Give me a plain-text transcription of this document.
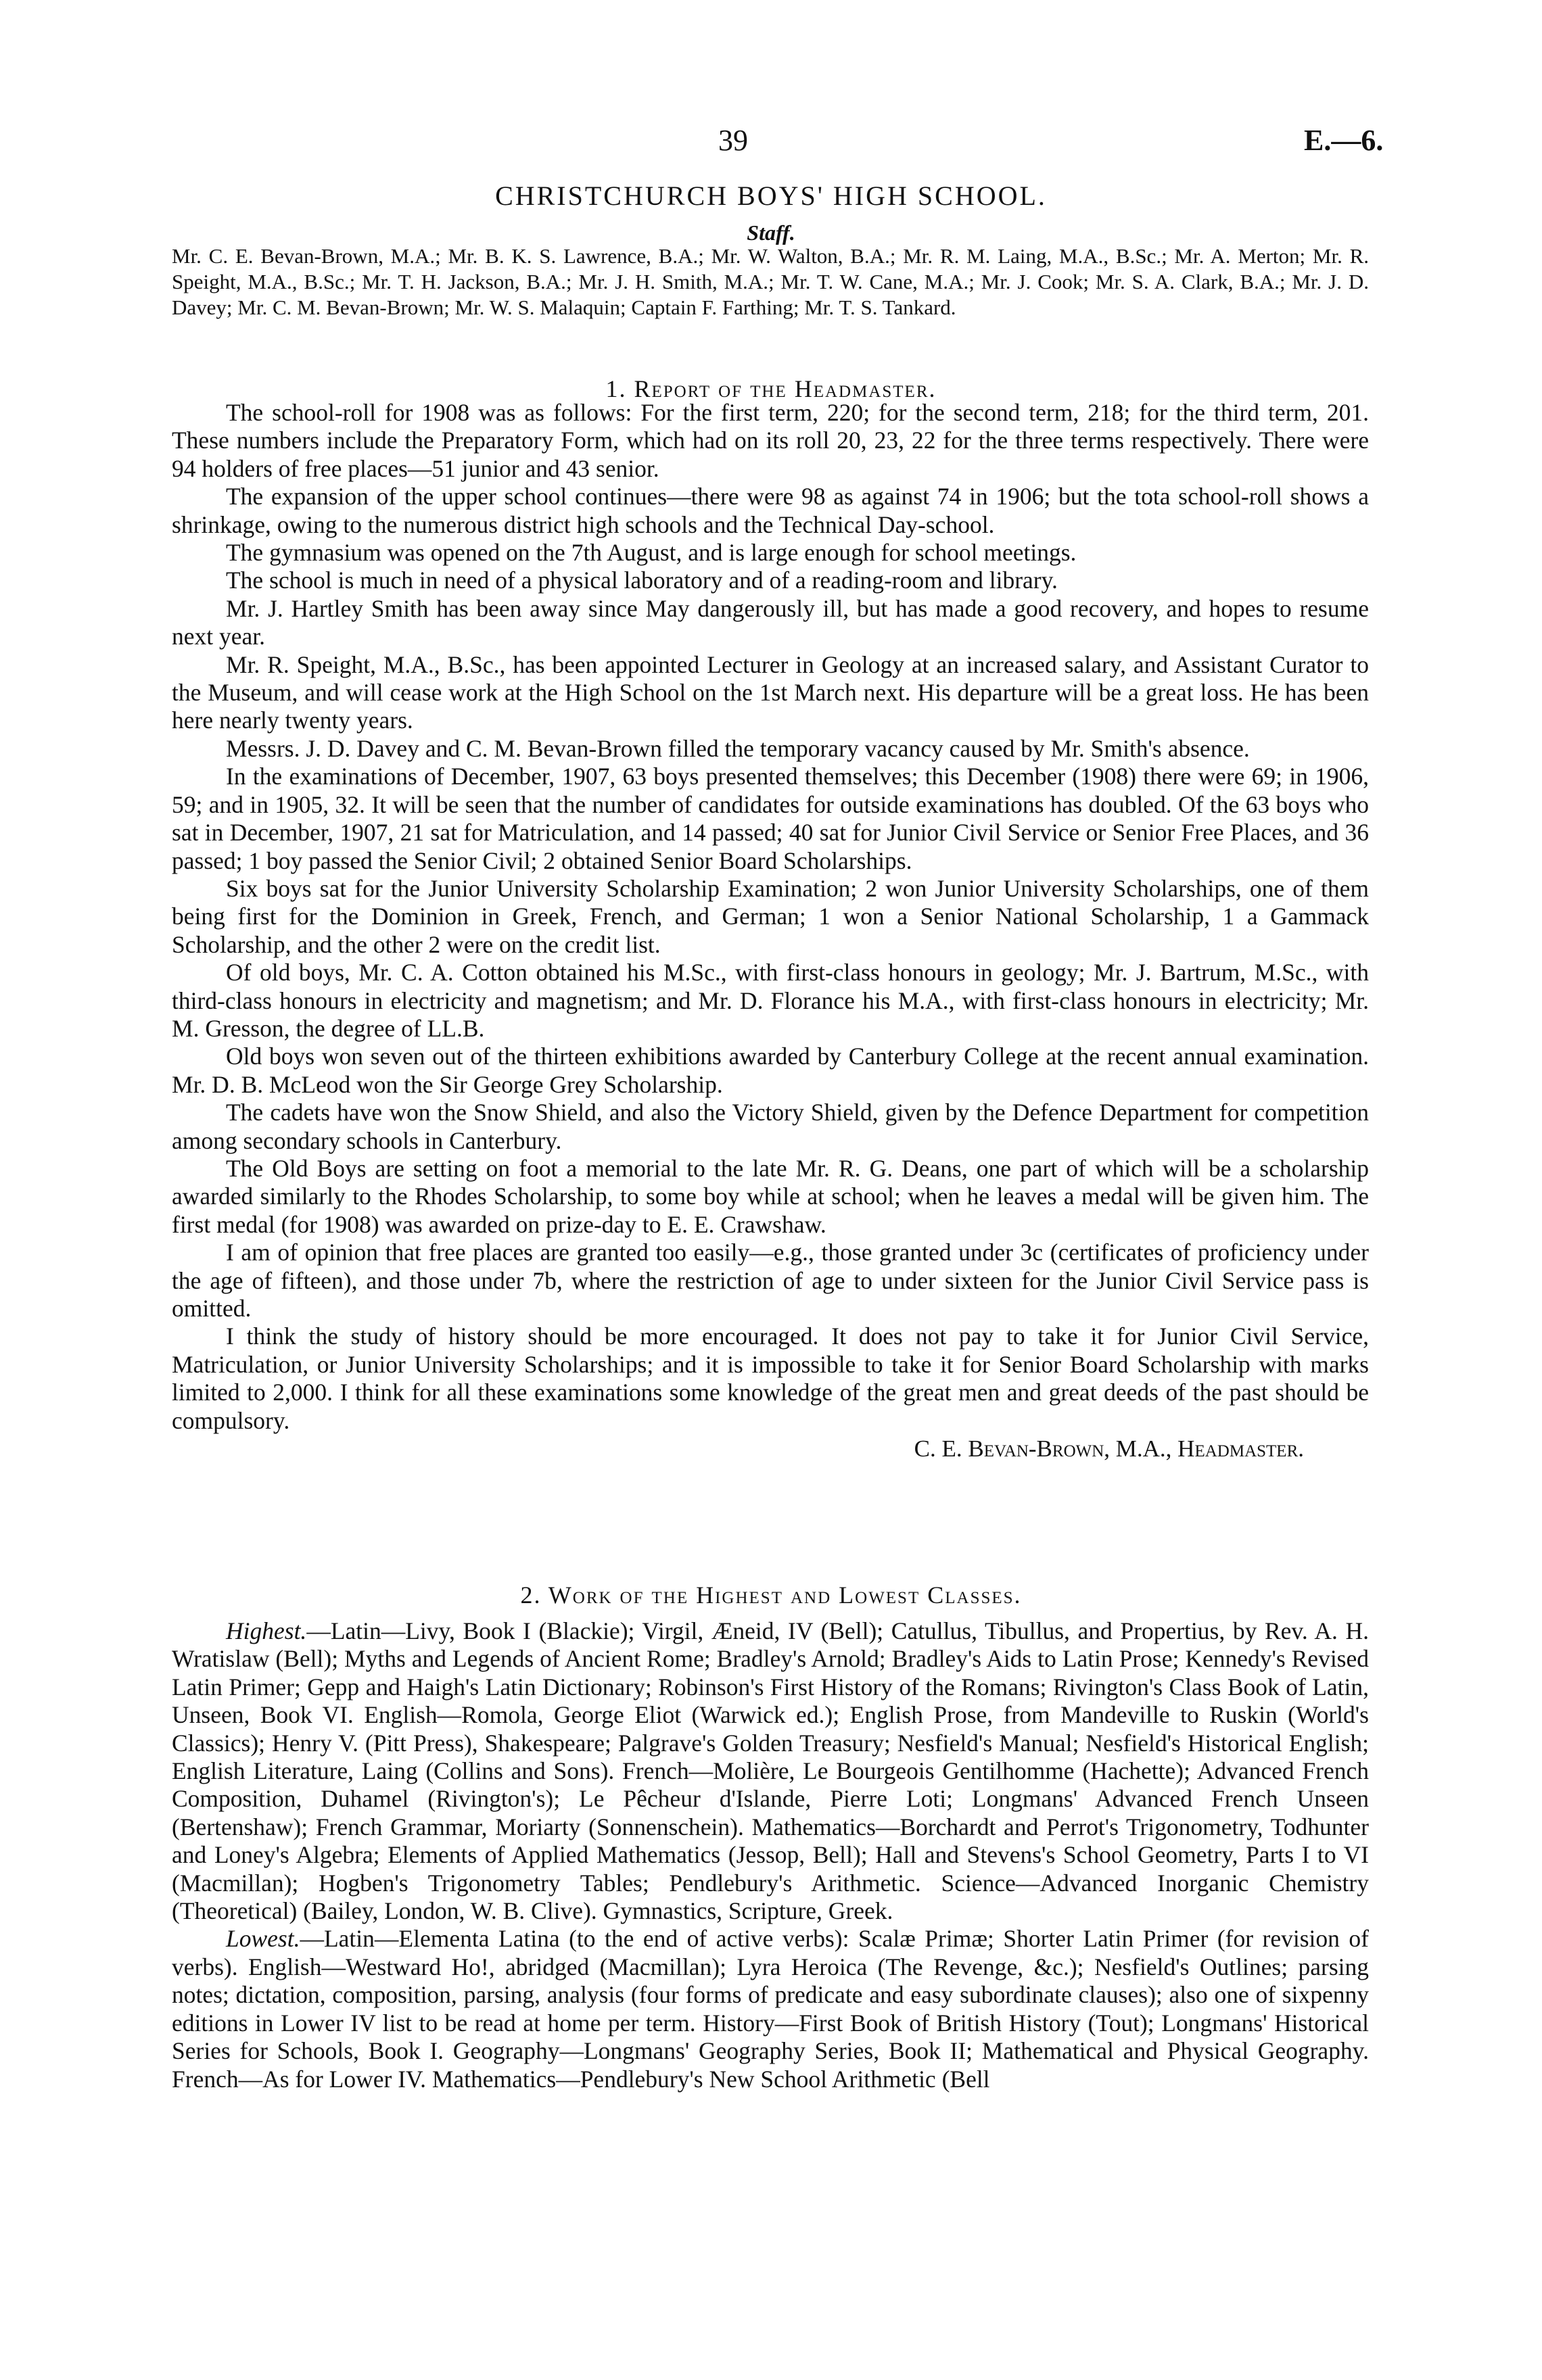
39	E.—6.
CHRISTCHURCH BOYS' HIGH SCHOOL.
Staff.
Mr. C. E. Bevan-Brown, M.A.; Mr. B. K. S. Lawrence, B.A.; Mr. W. Walton, B.A.; Mr. R. M. Laing, M.A., B.Sc.; Mr. A. Merton; Mr. R. Speight, M.A., B.Sc.; Mr. T. H. Jackson, B.A.; Mr. J. H. Smith, M.A.; Mr. T. W. Cane, M.A.; Mr. J. Cook; Mr. S. A. Clark, B.A.; Mr. J. D. Davey; Mr. C. M. Bevan-Brown; Mr. W. S. Malaquin; Captain F. Farthing; Mr. T. S. Tankard.
1. Report of the Headmaster.

The school-roll for 1908 was as follows: For the first term, 220; for the second term, 218; for the third term, 201. These numbers include the Preparatory Form, which had on its roll 20, 23, 22 for the three terms respectively. There were 94 holders of free places—51 junior and 43 senior.

The expansion of the upper school continues—there were 98 as against 74 in 1906; but the tota school-roll shows a shrinkage, owing to the numerous district high schools and the Technical Day-school.

The gymnasium was opened on the 7th August, and is large enough for school meetings.

The school is much in need of a physical laboratory and of a reading-room and library.

Mr. J. Hartley Smith has been away since May dangerously ill, but has made a good recovery, and hopes to resume next year.

Mr. R. Speight, M.A., B.Sc., has been appointed Lecturer in Geology at an increased salary, and Assistant Curator to the Museum, and will cease work at the High School on the 1st March next. His departure will be a great loss. He has been here nearly twenty years.

Messrs. J. D. Davey and C. M. Bevan-Brown filled the temporary vacancy caused by Mr. Smith's absence.

In the examinations of December, 1907, 63 boys presented themselves; this December (1908) there were 69; in 1906, 59; and in 1905, 32. It will be seen that the number of candidates for outside examinations has doubled. Of the 63 boys who sat in December, 1907, 21 sat for Matriculation, and 14 passed; 40 sat for Junior Civil Service or Senior Free Places, and 36 passed; 1 boy passed the Senior Civil; 2 obtained Senior Board Scholarships.

Six boys sat for the Junior University Scholarship Examination; 2 won Junior University Scholarships, one of them being first for the Dominion in Greek, French, and German; 1 won a Senior National Scholarship, 1 a Gammack Scholarship, and the other 2 were on the credit list.

Of old boys, Mr. C. A. Cotton obtained his M.Sc., with first-class honours in geology; Mr. J. Bartrum, M.Sc., with third-class honours in electricity and magnetism; and Mr. D. Florance his M.A., with first-class honours in electricity; Mr. M. Gresson, the degree of LL.B.

Old boys won seven out of the thirteen exhibitions awarded by Canterbury College at the recent annual examination. Mr. D. B. McLeod won the Sir George Grey Scholarship.

The cadets have won the Snow Shield, and also the Victory Shield, given by the Defence Department for competition among secondary schools in Canterbury.

The Old Boys are setting on foot a memorial to the late Mr. R. G. Deans, one part of which will be a scholarship awarded similarly to the Rhodes Scholarship, to some boy while at school; when he leaves a medal will be given him. The first medal (for 1908) was awarded on prize-day to E. E. Crawshaw.

I am of opinion that free places are granted too easily—e.g., those granted under 3c (certificates of proficiency under the age of fifteen), and those under 7b, where the restriction of age to under sixteen for the Junior Civil Service pass is omitted.

I think the study of history should be more encouraged. It does not pay to take it for Junior Civil Service, Matriculation, or Junior University Scholarships; and it is impossible to take it for Senior Board Scholarship with marks limited to 2,000. I think for all these examinations some knowledge of the great men and great deeds of the past should be compulsory.

C. E. Bevan-Brown, M.A., Headmaster.
2. Work of the Highest and Lowest Classes.

Highest.—Latin—Livy, Book I (Blackie); Virgil, Æneid, IV (Bell); Catullus, Tibullus, and Propertius, by Rev. A. H. Wratislaw (Bell); Myths and Legends of Ancient Rome; Bradley's Arnold; Bradley's Aids to Latin Prose; Kennedy's Revised Latin Primer; Gepp and Haigh's Latin Dictionary; Robinson's First History of the Romans; Rivington's Class Book of Latin, Unseen, Book VI. English—Romola, George Eliot (Warwick ed.); English Prose, from Mandeville to Ruskin (World's Classics); Henry V. (Pitt Press), Shakespeare; Palgrave's Golden Treasury; Nesfield's Manual; Nesfield's Historical English; English Literature, Laing (Collins and Sons). French—Molière, Le Bourgeois Gentilhomme (Hachette); Advanced French Composition, Duhamel (Rivington's); Le Pêcheur d'Islande, Pierre Loti; Longmans' Advanced French Unseen (Bertenshaw); French Grammar, Moriarty (Sonnenschein). Mathematics—Borchardt and Perrot's Trigonometry, Todhunter and Loney's Algebra; Elements of Applied Mathematics (Jessop, Bell); Hall and Stevens's School Geometry, Parts I to VI (Macmillan); Hogben's Trigonometry Tables; Pendlebury's Arithmetic. Science—Advanced Inorganic Chemistry (Theoretical) (Bailey, London, W. B. Clive). Gymnastics, Scripture, Greek.

Lowest.—Latin—Elementa Latina (to the end of active verbs): Scalæ Primæ; Shorter Latin Primer (for revision of verbs). English—Westward Ho!, abridged (Macmillan); Lyra Heroica (The Revenge, &c.); Nesfield's Outlines; parsing notes; dictation, composition, parsing, analysis (four forms of predicate and easy subordinate clauses); also one of sixpenny editions in Lower IV list to be read at home per term. History—First Book of British History (Tout); Longmans' Historical Series for Schools, Book I. Geography—Longmans' Geography Series, Book II; Mathematical and Physical Geography. French—As for Lower IV. Mathematics—Pendlebury's New School Arithmetic (Bell
